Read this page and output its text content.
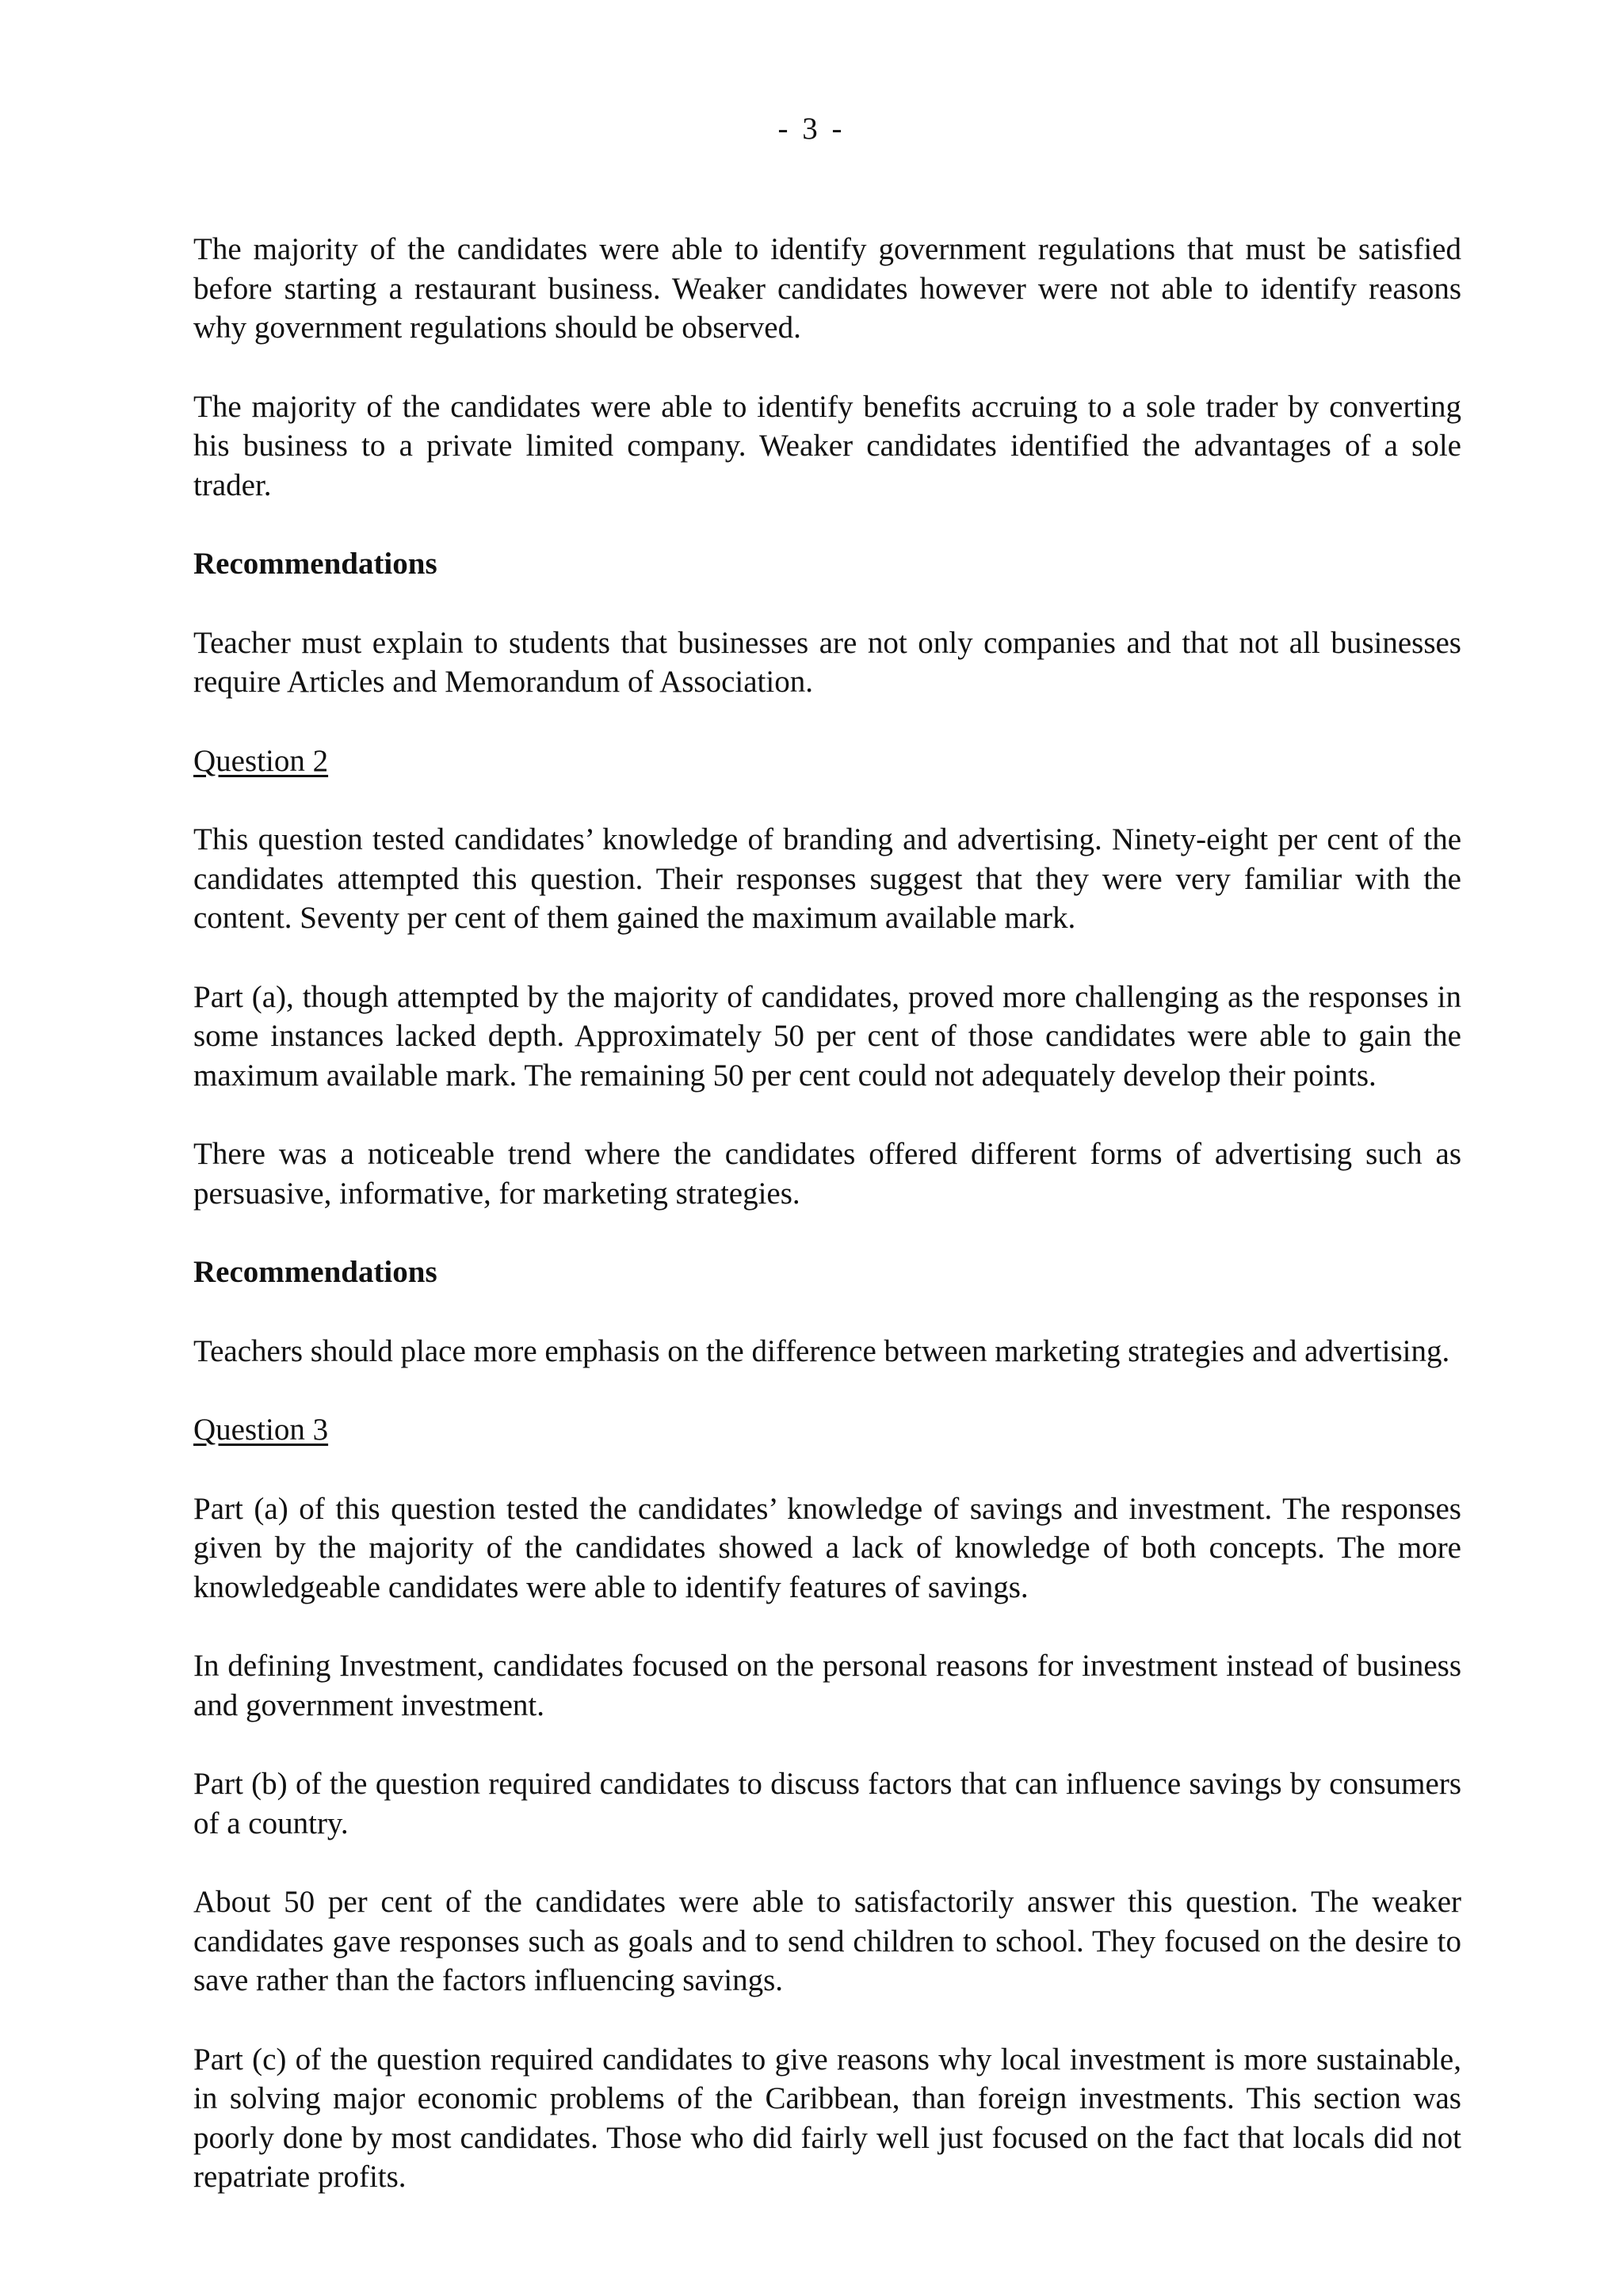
- 3 -

The majority of the candidates were able to identify government regulations that must be satisfied before starting a restaurant business. Weaker candidates however were not able to identify reasons why government regulations should be observed.

The majority of the candidates were able to identify benefits accruing to a sole trader by converting his business to a private limited company. Weaker candidates identified the advantages of a sole trader.

Recommendations

Teacher must explain to students that businesses are not only companies and that not all businesses require Articles and Memorandum of Association.

Question 2

This question tested candidates’ knowledge of branding and advertising. Ninety-eight per cent of the candidates attempted this question. Their responses suggest that they were very familiar with the content. Seventy per cent of them gained the maximum available mark.

Part (a), though attempted by the majority of candidates, proved more challenging as the responses in some instances lacked depth. Approximately 50 per cent of those candidates were able to gain the maximum available mark. The remaining 50 per cent could not adequately develop their points.

There was a noticeable trend where the candidates offered different forms of advertising such as persuasive, informative, for marketing strategies.

Recommendations

Teachers should place more emphasis on the difference between marketing strategies and advertising.

Question 3

Part (a) of this question tested the candidates’ knowledge of savings and investment. The responses given by the majority of the candidates showed a lack of knowledge of both concepts. The more knowledgeable candidates were able to identify features of savings.

In defining Investment, candidates focused on the personal reasons for investment instead of business and government investment.

Part (b) of the question required candidates to discuss factors that can influence savings by consumers of a country.

About 50 per cent of the candidates were able to satisfactorily answer this question. The weaker candidates gave responses such as goals and to send children to school. They focused on the desire to save rather than the factors influencing savings.

Part (c) of the question required candidates to give reasons why local investment is more sustainable, in solving major economic problems of the Caribbean, than foreign investments. This section was poorly done by most candidates. Those who did fairly well just focused on the fact that locals did not repatriate profits.
